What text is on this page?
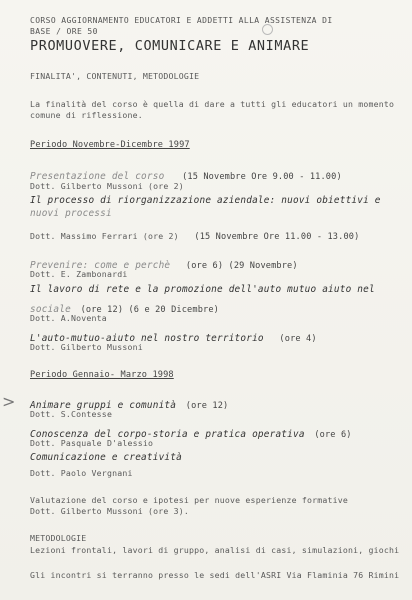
CORSO AGGIORNAMENTO EDUCATORI E ADDETTI ALLA ASSISTENZA DI
BASE / ORE 50
PROMUOVERE, COMUNICARE E ANIMARE
FINALITA', CONTENUTI, METODOLOGIE
La finalità del corso è quella di dare a tutti gli educatori un momento
comune di riflessione.
Periodo Novembre-Dicembre 1997
Presentazione del corso (15 Novembre Ore 9.00 - 11.00)
Dott. Gilberto Mussoni (ore 2)
Il processo di riorganizzazione aziendale: nuovi obiettivi e
nuovi processi
Dott. Massimo Ferrari (ore 2) (15 Novembre Ore 11.00 - 13.00)
Prevenire: come e perchè (ore 6) (29 Novembre)
Dott. E. Zambonardi
Il lavoro di rete e la promozione dell'auto mutuo aiuto nel
sociale (ore 12) (6 e 20 Dicembre)
Dott. A.Noventa
L'auto-mutuo-aiuto nel nostro territorio (ore 4)
Dott. Gilberto Mussoni
Periodo Gennaio- Marzo 1998
> Animare gruppi e comunità (ore 12)
Dott. S.Contesse
Conoscenza del corpo-storia e pratica operativa (ore 6)
Dott. Pasquale D'alessio
Comunicazione e creatività
Dott. Paolo Vergnani
Valutazione del corso e ipotesi per nuove esperienze formative
Dott. Gilberto Mussoni (ore 3).
METODOLOGIE
Lezioni frontali, lavori di gruppo, analisi di casi, simulazioni, giochi
Gli incontri si terranno presso le sedi dell'ASRI Via Flaminia 76 Rimini
